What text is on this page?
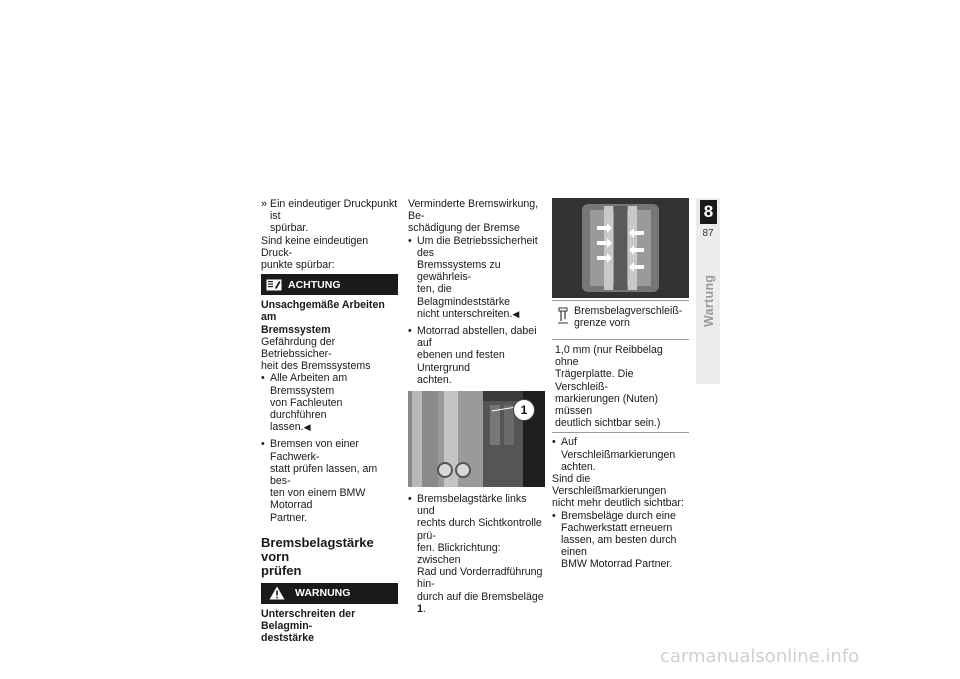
» Ein eindeutiger Druckpunkt ist
spürbar.

Sind keine eindeutigen Druck-
punkte spürbar:

ACHTUNG

Unsachgemäße Arbeiten am
Bremssystem

Gefährdung der Betriebssicher-
heit des Bremssystems

• Alle Arbeiten am Bremssystem
von Fachleuten durchführen
lassen.◀
• Bremsen von einer Fachwerk-
statt prüfen lassen, am bes-
ten von einem BMW Motorrad
Partner.
Bremsbelagstärke vorn
prüfen
WARNUNG

Unterschreiten der Belagmin-
deststärke

Verminderte Bremswirkung, Be-
schädigung der Bremse

• Um die Betriebssicherheit des
Bremssystems zu gewährleis-
ten, die Belagmindeststärke
nicht unterschreiten.◀
• Motorrad abstellen, dabei auf
ebenen und festen Untergrund
achten.
1
• Bremsbelagstärke links und
rechts durch Sichtkontrolle prü-
fen. Blickrichtung: zwischen
Rad und Vorderradführung hin-
durch auf die Bremsbeläge 1.
Bremsbelagverschleiß-
grenze vorn
1,0 mm (nur Reibbelag ohne
Trägerplatte. Die Verschleiß-
markierungen (Nuten) müssen
deutlich sichtbar sein.)
• Auf Verschleißmarkierungen
achten.

Sind die Verschleißmarkierungen
nicht mehr deutlich sichtbar:

• Bremsbeläge durch eine
Fachwerkstatt erneuern
lassen, am besten durch einen
BMW Motorrad Partner.
8
87
Wartung
carmanualsonline.info
